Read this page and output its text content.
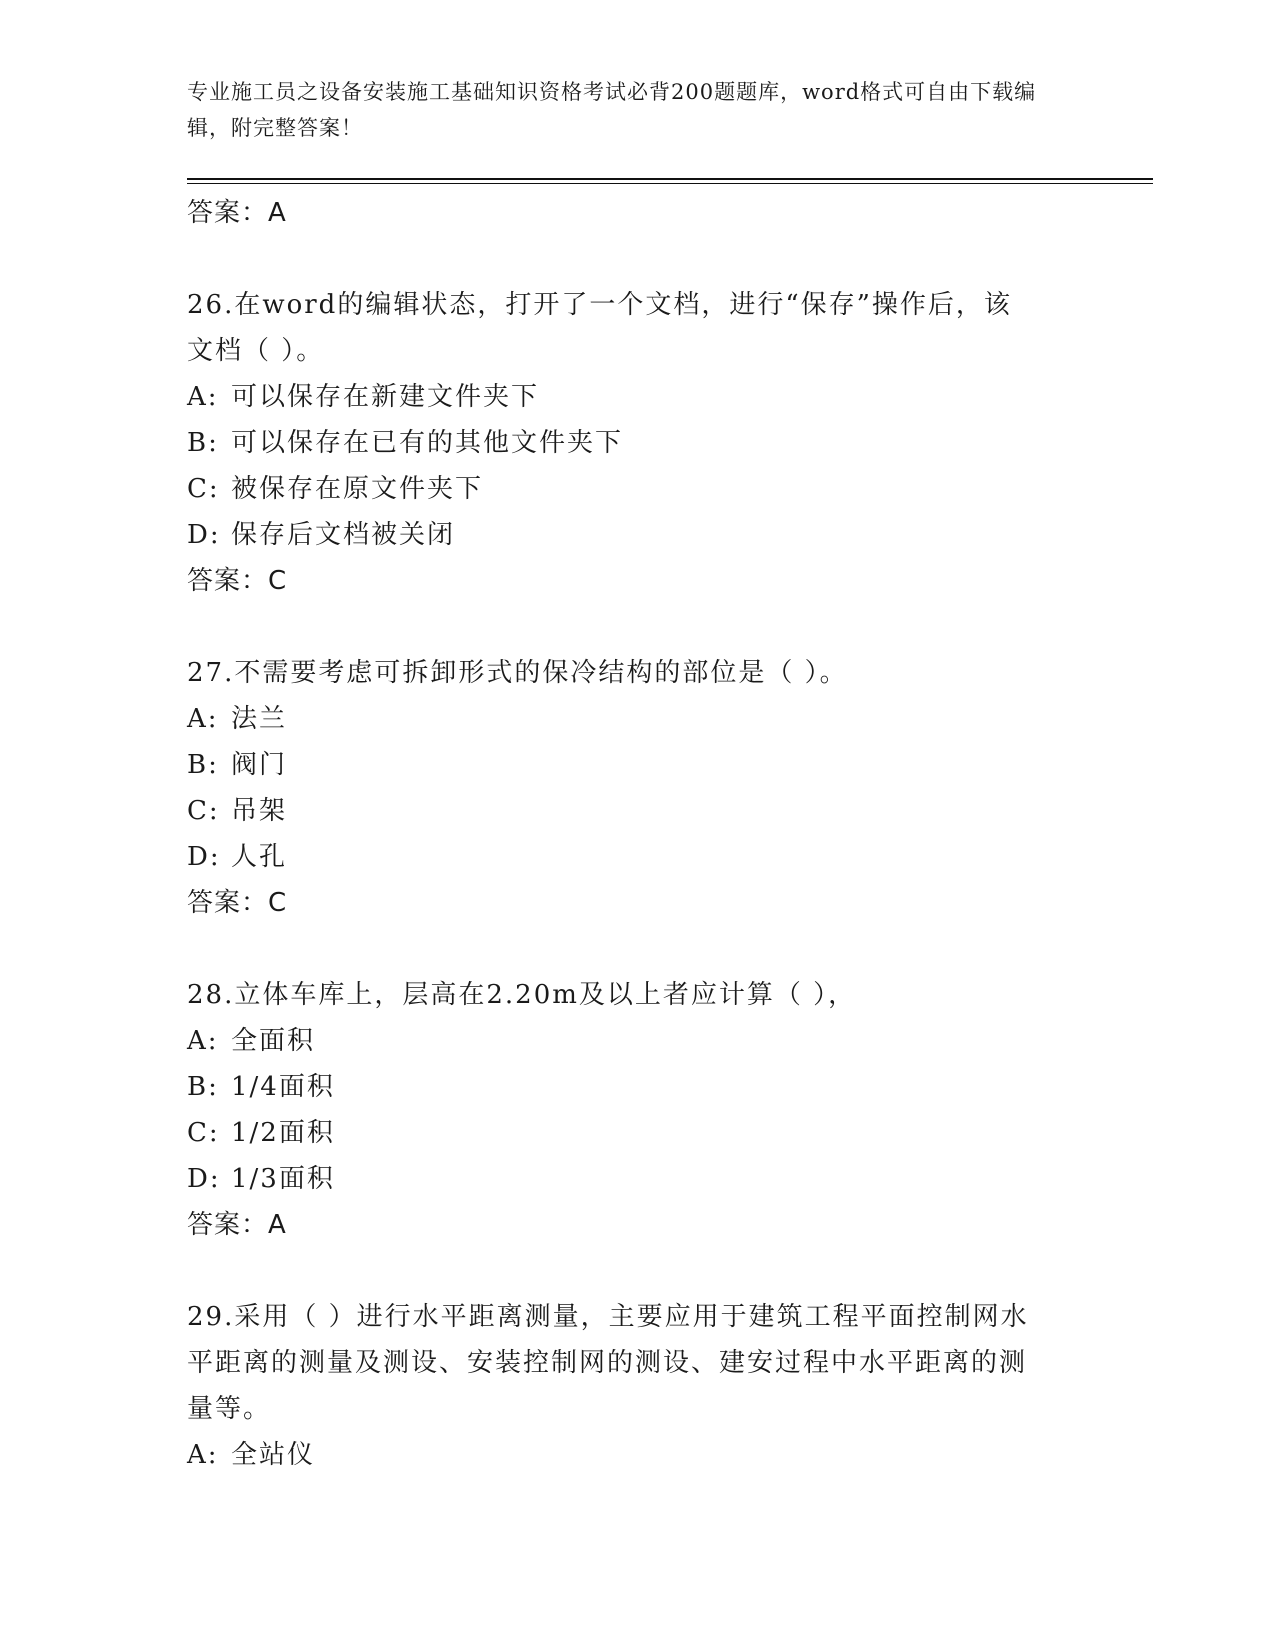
专业施工员之设备安装施工基础知识资格考试必背200题题库，word格式可自由下载编辑，附完整答案！

答案：A

26.在word的编辑状态，打开了一个文档，进行“保存”操作后，该
文档（ ）。

A: 可以保存在新建文件夹下

B: 可以保存在已有的其他文件夹下

C: 被保存在原文件夹下

D: 保存后文档被关闭

答案：C

27.不需要考虑可拆卸形式的保冷结构的部位是（ ）。

A: 法兰

B: 阀门

C: 吊架

D: 人孔

答案：C

28.立体车库上，层高在2.20m及以上者应计算（ ），

A: 全面积

B: 1/4面积

C: 1/2面积

D: 1/3面积

答案：A

29.采用（ ）进行水平距离测量，主要应用于建筑工程平面控制网水
平距离的测量及测设、安装控制网的测设、建安过程中水平距离的测
量等。

A: 全站仪
